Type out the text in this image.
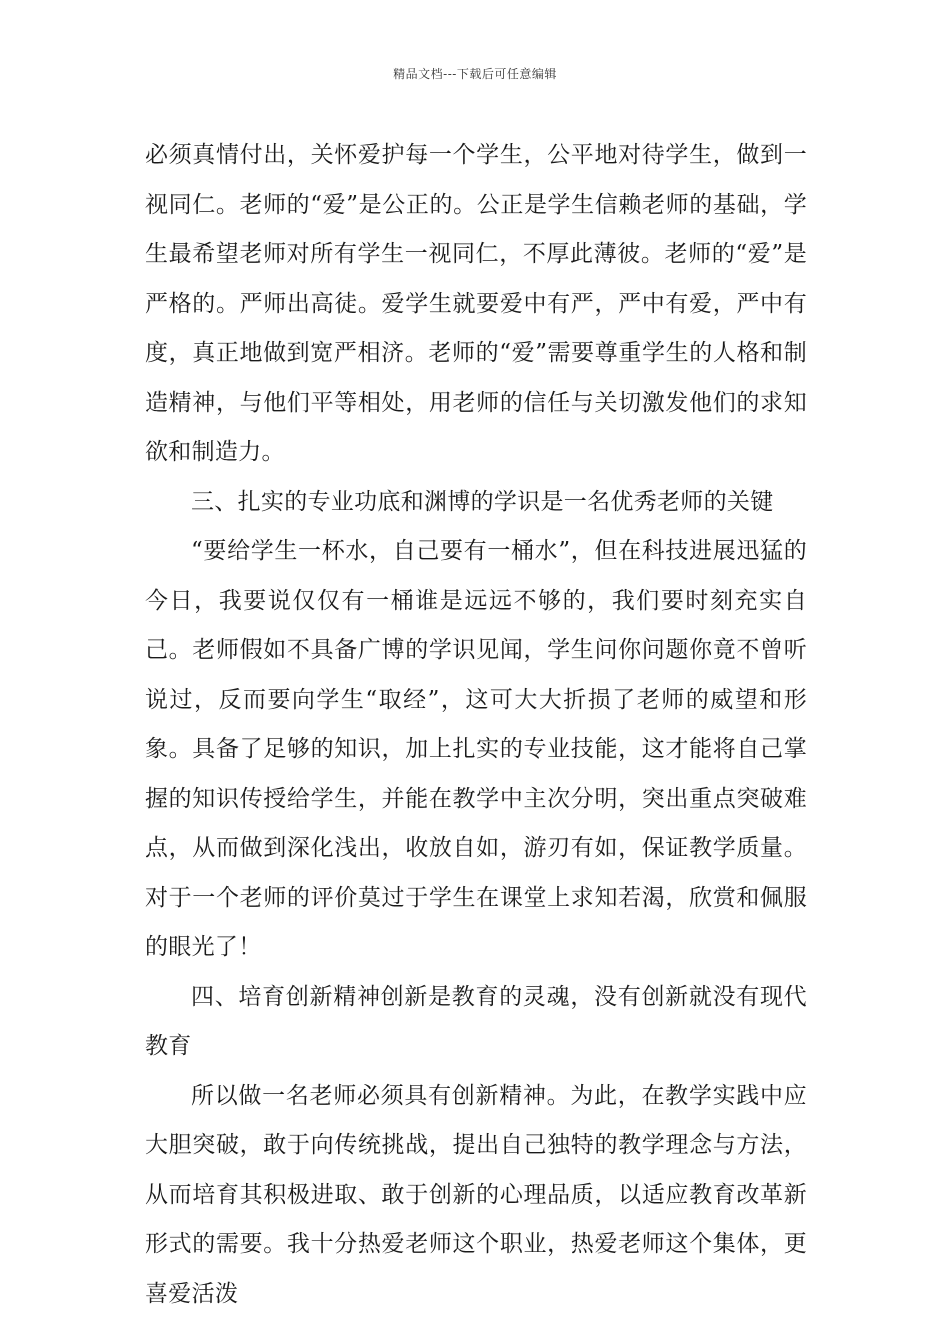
精品文档---下载后可任意编辑

必须真情付出，关怀爱护每一个学生，公平地对待学生，做到一视同仁。老师的“爱”是公正的。公正是学生信赖老师的基础，学生最希望老师对所有学生一视同仁，不厚此薄彼。老师的“爱”是严格的。严师出高徒。爱学生就要爱中有严，严中有爱，严中有度，真正地做到宽严相济。老师的“爱”需要尊重学生的人格和制造精神，与他们平等相处，用老师的信任与关切激发他们的求知欲和制造力。

三、扎实的专业功底和渊博的学识是一名优秀老师的关键

“要给学生一杯水，自己要有一桶水”，但在科技进展迅猛的今日，我要说仅仅有一桶谁是远远不够的，我们要时刻充实自己。老师假如不具备广博的学识见闻，学生问你问题你竟不曾听说过，反而要向学生“取经”，这可大大折损了老师的威望和形象。具备了足够的知识，加上扎实的专业技能，这才能将自己掌握的知识传授给学生，并能在教学中主次分明，突出重点突破难点，从而做到深化浅出，收放自如，游刃有如，保证教学质量。对于一个老师的评价莫过于学生在课堂上求知若渴，欣赏和佩服的眼光了！

四、培育创新精神创新是教育的灵魂，没有创新就没有现代教育

所以做一名老师必须具有创新精神。为此，在教学实践中应大胆突破，敢于向传统挑战，提出自己独特的教学理念与方法，从而培育其积极进取、敢于创新的心理品质，以适应教育改革新形式的需要。我十分热爱老师这个职业，热爱老师这个集体，更喜爱活泼
